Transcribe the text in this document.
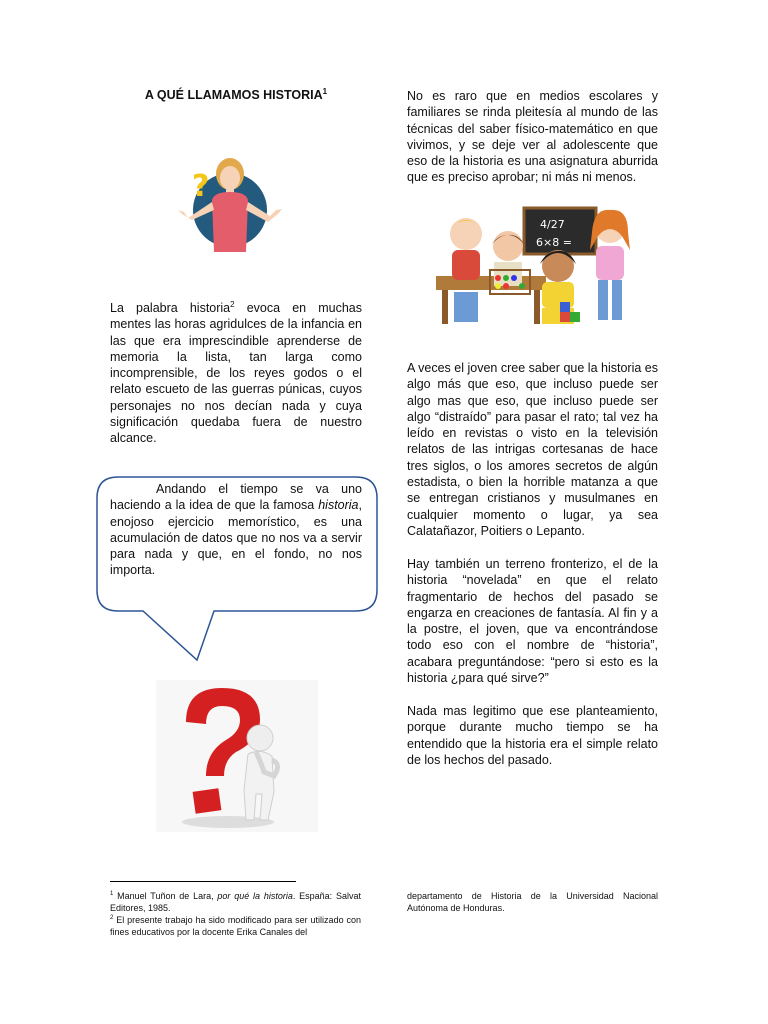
A QUÉ LLAMAMOS HISTORIA$^1$
?

La palabra historia$^2$ evoca en muchas mentes las horas agridulces de la infancia en las que era imprescindible aprenderse de memoria la lista, tan larga como incomprensible, de los reyes godos o el relato escueto de las guerras púnicas, cuyos personajes no nos decían nada y cuya significación quedaba fuera de nuestro alcance.

Andando el tiempo se va uno haciendo a la idea de que la famosa historia, enojoso ejercicio memorístico, es una acumulación de datos que no nos va a servir para nada y que, en el fondo, no nos importa.

No es raro que en medios escolares y familiares se rinda pleitesía al mundo de las técnicas del saber físico-matemático en que vivimos, y se deje ver al adolescente que eso de la historia es una asignatura aburrida que es preciso aprobar; ni más ni menos.

4/27
6×8 =

A veces el joven cree saber que la historia es algo más que eso, que incluso puede ser algo mas que eso, que incluso puede ser algo “distraído” para pasar el rato; tal vez ha leído en revistas o visto en la televisión relatos de las intrigas cortesanas de hace tres siglos, o los amores secretos de algún estadista, o bien la horrible matanza a que se entregan cristianos y musulmanes en cualquier momento o lugar, ya sea Calatañazor, Poitiers o Lepanto.

Hay también un terreno fronterizo, el de la historia “novelada” en que el relato fragmentario de hechos del pasado se engarza en creaciones de fantasía. Al fin y a la postre, el joven, que va encontrándose todo eso con el nombre de “historia”, acabara preguntándose: “pero si esto es la historia ¿para qué sirve?”

Nada mas legitimo que ese planteamiento, porque durante mucho tiempo se ha entendido que la historia era el simple relato de los hechos del pasado.

$^1$ Manuel Tuñon de Lara, por qué la historia. España: Salvat Editores, 1985.
$^2$ El presente trabajo ha sido modificado para ser utilizado con fines educativos por la docente Erika Canales del
departamento de Historia de la Universidad Nacional Autónoma de Honduras.
